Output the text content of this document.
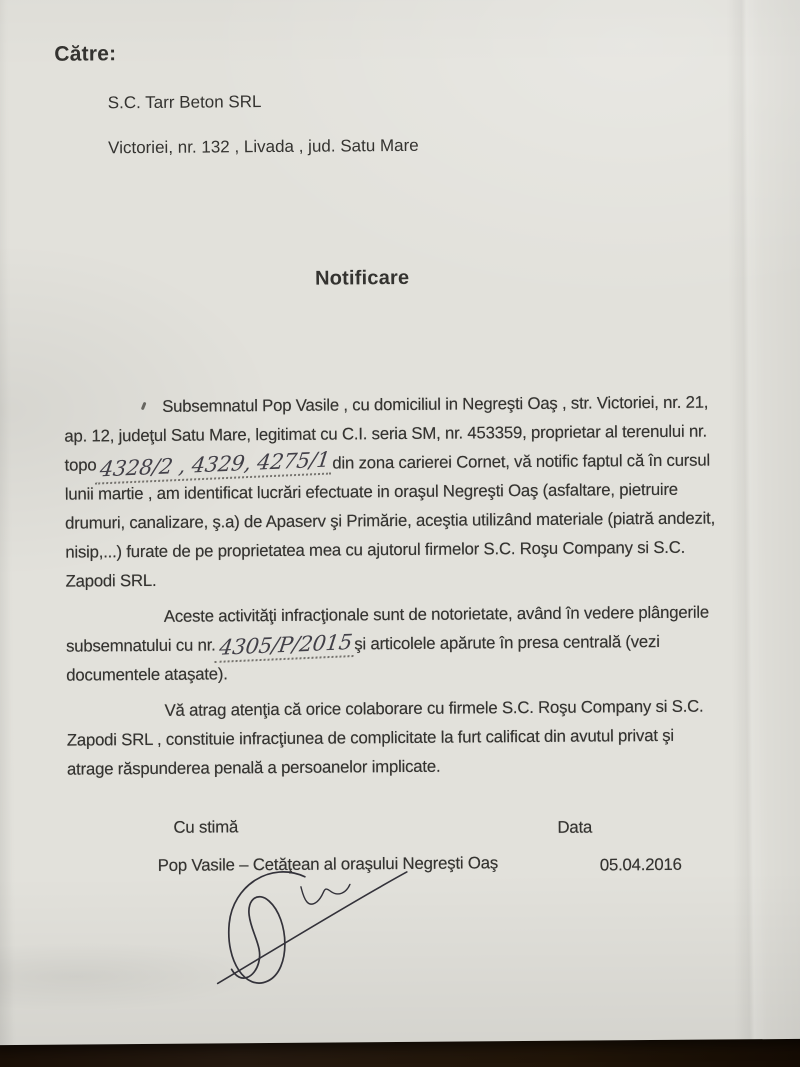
Către:
S.C. Tarr Beton SRL
Victoriei, nr. 132 , Livada , jud. Satu Mare
Notificare

Subsemnatul Pop Vasile , cu domiciliul in Negreşti Oaş , str. Victoriei, nr. 21, ap. 12, judeţul Satu Mare, legitimat cu C.I. seria SM, nr. 453359, proprietar al terenului nr. topo4328/2 , 4329, 4275/1din zona carierei Cornet, vă notific faptul că în cursul lunii martie , am identificat lucrări efectuate in oraşul Negreşti Oaş (asfaltare, pietruire drumuri, canalizare, ş.a) de Apaserv şi Primărie, aceştia utilizând materiale (piatră andezit, nisip,...) furate de pe proprietatea mea cu ajutorul firmelor S.C. Roşu Company si S.C. Zapodi SRL.

Aceste activităţi infracţionale sunt de notorietate, având în vedere plângerile subsemnatului cu nr.4305/P/2015şi articolele apărute în presa centrală (vezi documentele ataşate).

Vă atrag atenţia că orice colaborare cu firmele S.C. Roşu Company si S.C. Zapodi SRL , constituie infracţiunea de complicitate la furt calificat din avutul privat şi atrage răspunderea penală a persoanelor implicate.

Cu stimă	Data
Pop Vasile – Cetăţean al oraşului Negreşti Oaş	05.04.2016
